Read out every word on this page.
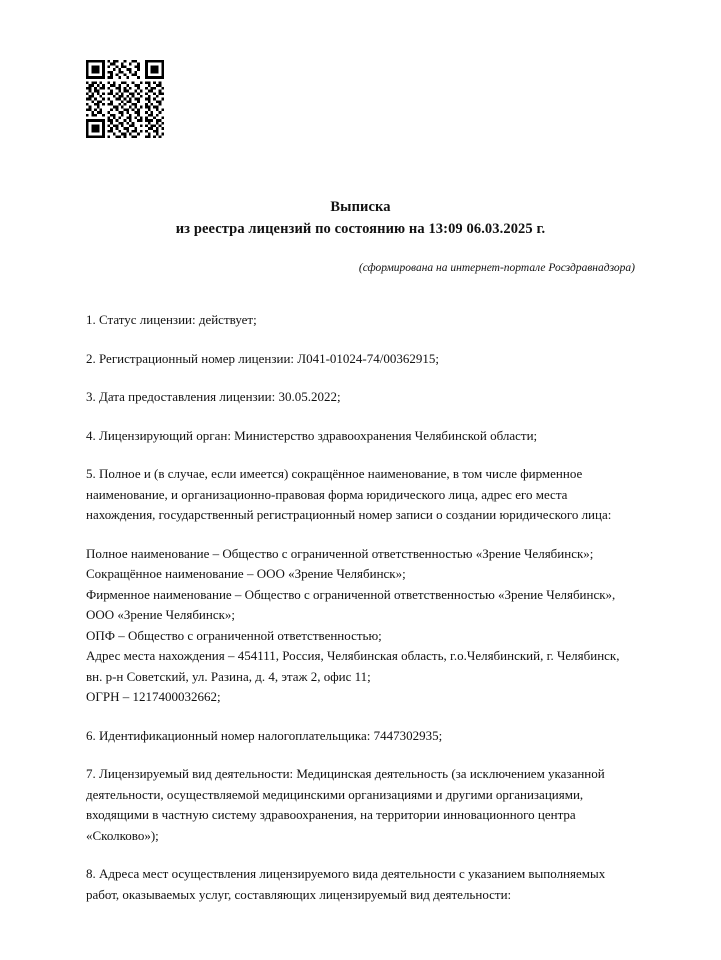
Выписка
из реестра лицензий по состоянию на 13:09 06.03.2025 г.
(сформирована на интернет-портале Росздравнадзора)

1. Статус лицензии: действует;

2. Регистрационный номер лицензии: Л041-01024-74/00362915;

3. Дата предоставления лицензии: 30.05.2022;

4. Лицензирующий орган: Министерство здравоохранения Челябинской области;

5. Полное и (в случае, если имеется) сокращённое наименование, в том числе фирменное наименование, и организационно-правовая форма юридического лица, адрес его места нахождения, государственный регистрационный номер записи о создании юридического лица:

Полное наименование – Общество с ограниченной ответственностью «Зрение Челябинск»;
Сокращённое наименование – ООО «Зрение Челябинск»;
Фирменное наименование – Общество с ограниченной ответственностью «Зрение Челябинск», ООО «Зрение Челябинск»;
ОПФ – Общество с ограниченной ответственностью;
Адрес места нахождения – 454111, Россия, Челябинская область, г.о.Челябинский, г. Челябинск, вн. р-н Советский, ул. Разина, д. 4, этаж 2, офис 11;
ОГРН – 1217400032662;

6. Идентификационный номер налогоплательщика: 7447302935;

7. Лицензируемый вид деятельности: Медицинская деятельность (за исключением указанной деятельности, осуществляемой медицинскими организациями и другими организациями, входящими в частную систему здравоохранения, на территории инновационного центра «Сколково»);

8. Адреса мест осуществления лицензируемого вида деятельности с указанием выполняемых работ, оказываемых услуг, составляющих лицензируемый вид деятельности:
